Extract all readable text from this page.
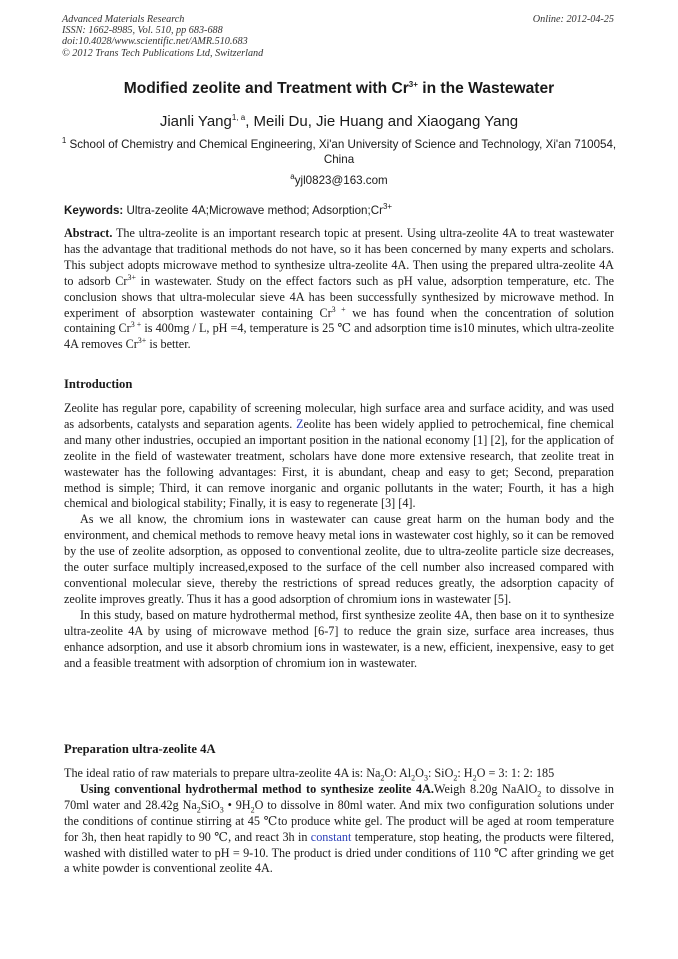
Advanced Materials Research
ISSN: 1662-8985, Vol. 510, pp 683-688
doi:10.4028/www.scientific.net/AMR.510.683
© 2012 Trans Tech Publications Ltd, Switzerland
Online: 2012-04-25
Modified zeolite and Treatment with $Cr^{3+}$ in the Wastewater
Jianli Yang$^{1, a}$, Meili Du, Jie Huang and Xiaogang Yang
$^1$ School of Chemistry and Chemical Engineering, Xi'an University of Science and Technology, Xi'an 710054, China
$^a$yjl0823@163.com
Keywords: Ultra-zeolite 4A;Microwave method; $Adsorption;Cr^{3+}$

Abstract. The ultra-zeolite is an important research topic at present. Using ultra-zeolite 4A to treat wastewater has the advantage that traditional methods do not have, so it has been concerned by many experts and scholars. This subject adopts microwave method to synthesize ultra-zeolite 4A. Then using the prepared ultra-zeolite 4A to adsorb $Cr^{3+}$ in wastewater. Study on the effect factors such as pH value, adsorption temperature, etc. The conclusion shows that ultra-molecular sieve 4A has been successfully synthesized by microwave method. In experiment of absorption wastewater containing $Cr^{3 +}$ we has found when the concentration of solution containing $Cr^{3 +}$ is 400mg / L, pH =4, temperature is 25 ℃ and adsorption time is10 minutes, which ultra-zeolite 4A removes $Cr^{3+}$ is better.

Introduction

Zeolite has regular pore, capability of screening molecular, high surface area and surface acidity, and was used as adsorbents, catalysts and separation agents. Zeolite has been widely applied to petrochemical, fine chemical and many other industries, occupied an important position in the national economy [1] [2], for the application of zeolite in the field of wastewater treatment, scholars have done more extensive research, that zeolite treat in wastewater has the following advantages: First, it is abundant, cheap and easy to get; Second, preparation method is simple; Third, it can remove inorganic and organic pollutants in the water; Fourth, it has a high chemical and biological stability; Finally, it is easy to regenerate [3] [4].

As we all know, the chromium ions in wastewater can cause great harm on the human body and the environment, and chemical methods to remove heavy metal ions in wastewater cost highly, so it can be removed by the use of zeolite adsorption, as opposed to conventional zeolite, due to ultra-zeolite particle size decreases, the outer surface multiply increased,exposed to the surface of the cell number also increased compared with conventional molecular sieve, thereby the restrictions of spread reduces greatly, the adsorption capacity of zeolite improves greatly. Thus it has a good adsorption of chromium ions in wastewater [5].

In this study, based on mature hydrothermal method, first synthesize zeolite 4A, then base on it to synthesize ultra-zeolite 4A by using of microwave method [6-7] to reduce the grain size, surface area increases, thus enhance adsorption, and use it absorb chromium ions in wastewater, is a new, efficient, inexpensive, easy to get and a feasible treatment with adsorption of chromium ion in wastewater.

Preparation ultra-zeolite 4A

The ideal ratio of raw materials to prepare ultra-zeolite 4A is: $Na_2O$: $Al_2O_3$: SiO$_2$: $H_2O = 3$: 1: 2: 185

Using conventional hydrothermal method to synthesize zeolite 4A.Weigh 8.20g NaAlO$_2$ to dissolve in 70ml water and 28.42g $Na_2SiO_3$ • $9H_2O$ to dissolve in 80ml water. And mix two configuration solutions under the conditions of continue stirring at 45 ℃to produce white gel. The product will be aged at room temperature for 3h, then heat rapidly to 90 ℃, and react 3h in constant temperature, stop heating, the products were filtered, washed with distilled water to pH = 9-10. The product is dried under conditions of 110 ℃ after grinding we get a white powder is conventional zeolite 4A.
